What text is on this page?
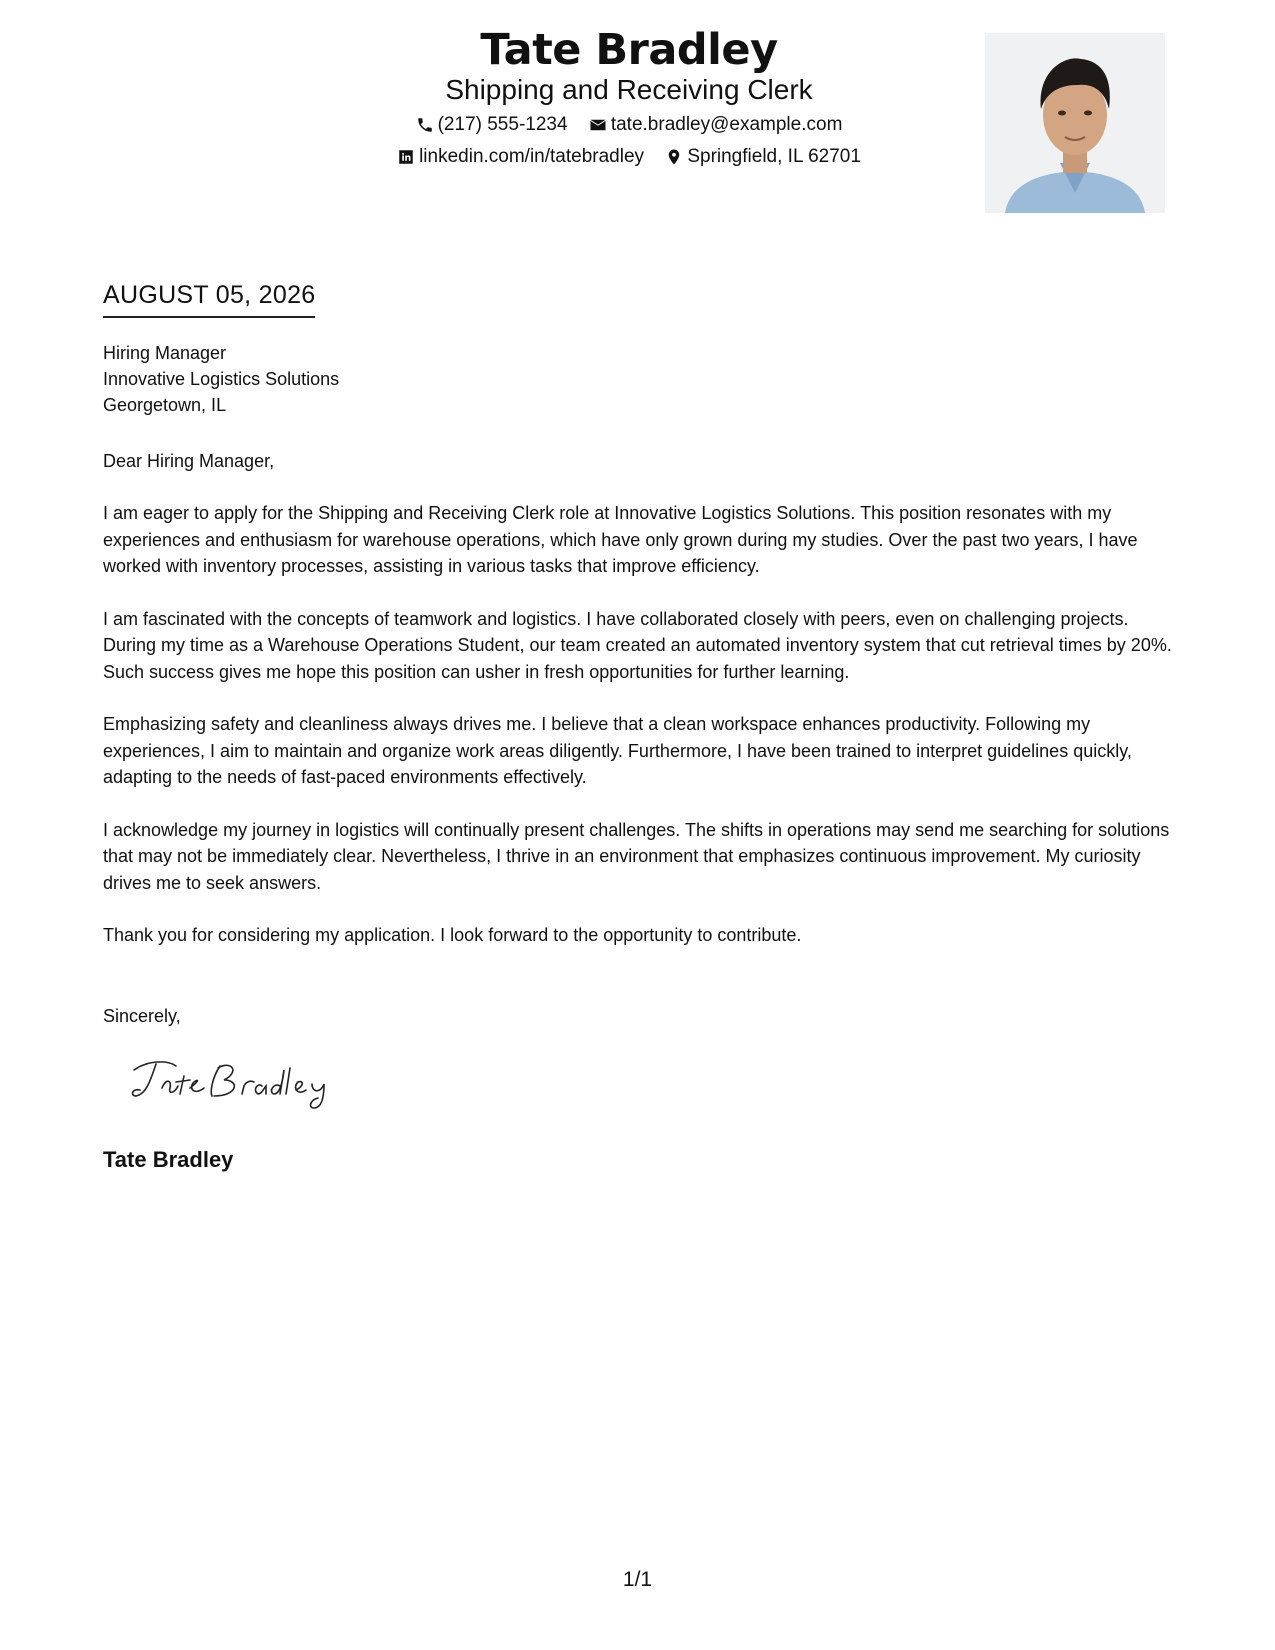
Tate Bradley
Shipping and Receiving Clerk
(217) 555-1234
tate.bradley@example.com
linkedin.com/in/tatebradley
Springfield, IL 62701
AUGUST 05, 2026
Hiring Manager
Innovative Logistics Solutions
Georgetown, IL
Dear Hiring Manager,

I am eager to apply for the Shipping and Receiving Clerk role at Innovative Logistics Solutions. This position resonates with my experiences and enthusiasm for warehouse operations, which have only grown during my studies. Over the past two years, I have worked with inventory processes, assisting in various tasks that improve efficiency.

I am fascinated with the concepts of teamwork and logistics. I have collaborated closely with peers, even on challenging projects. During my time as a Warehouse Operations Student, our team created an automated inventory system that cut retrieval times by 20%. Such success gives me hope this position can usher in fresh opportunities for further learning.

Emphasizing safety and cleanliness always drives me. I believe that a clean workspace enhances productivity. Following my experiences, I aim to maintain and organize work areas diligently. Furthermore, I have been trained to interpret guidelines quickly, adapting to the needs of fast-paced environments effectively.

I acknowledge my journey in logistics will continually present challenges. The shifts in operations may send me searching for solutions that may not be immediately clear. Nevertheless, I thrive in an environment that emphasizes continuous improvement. My curiosity drives me to seek answers.

Thank you for considering my application. I look forward to the opportunity to contribute.

Sincerely,
Tate Bradley
1/1
